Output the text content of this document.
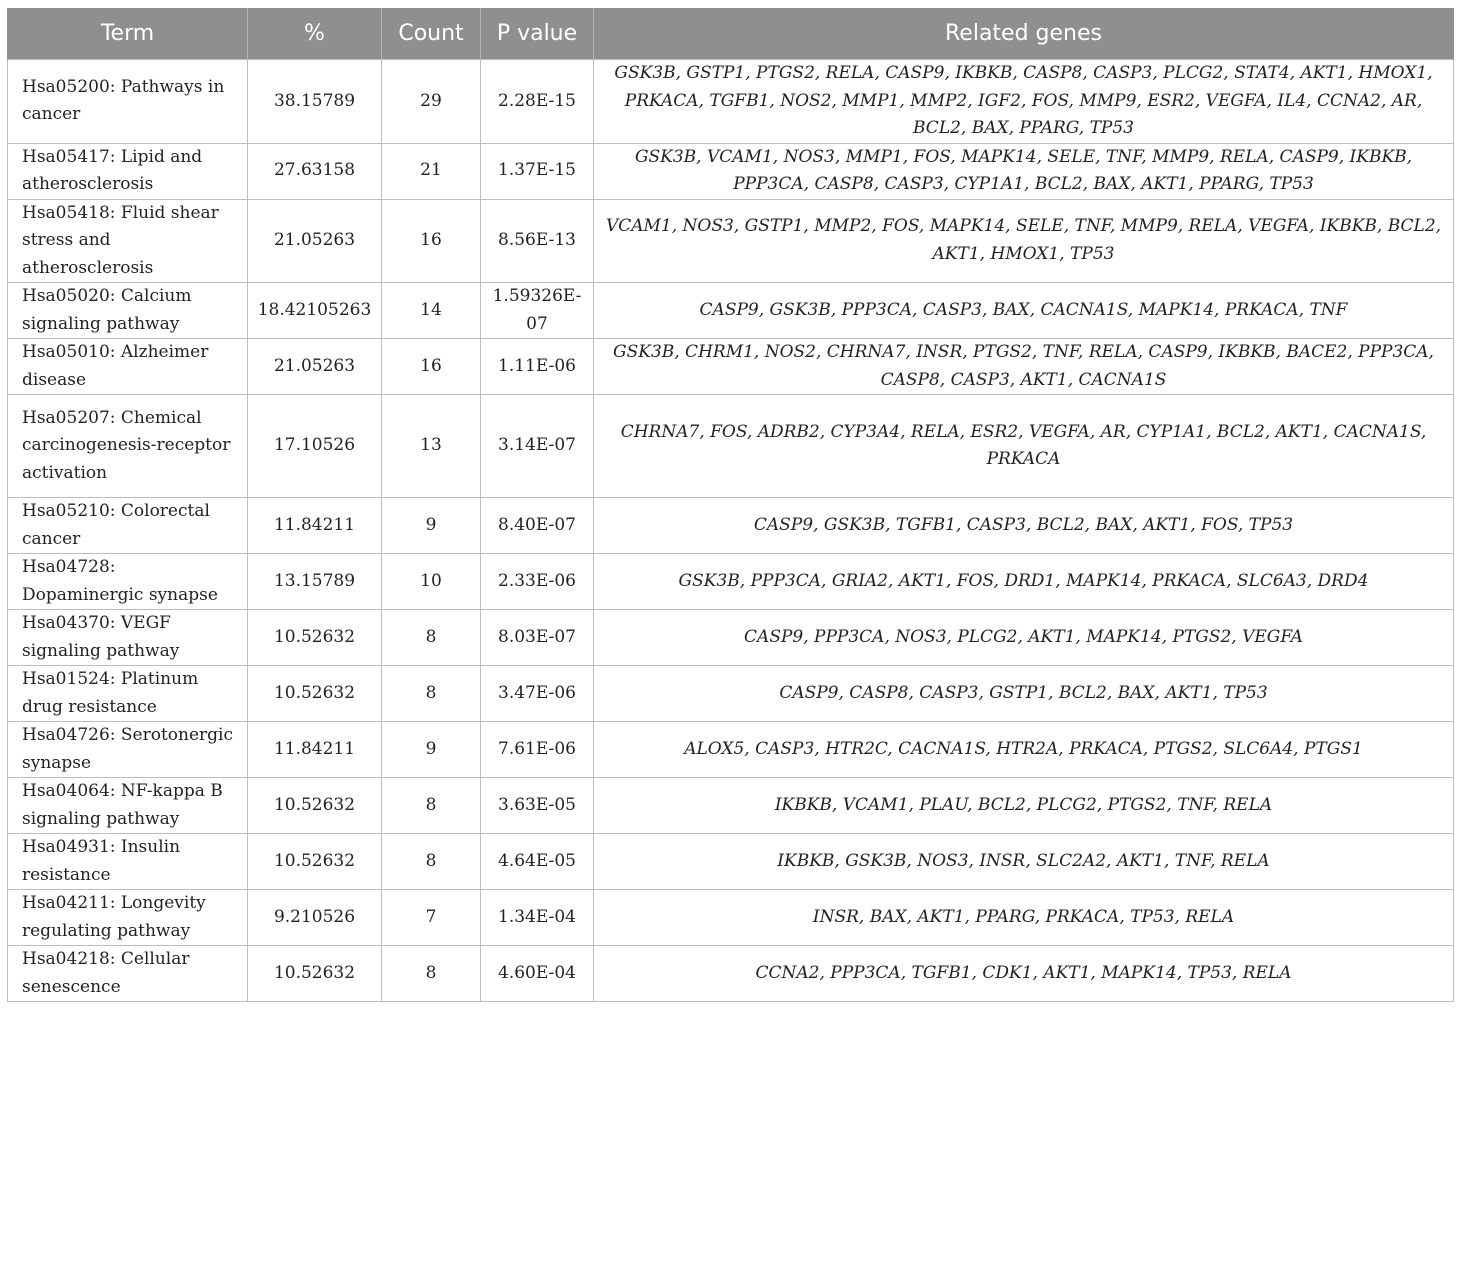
Term	%	Count	P value	Related genes
Hsa05200: Pathways in cancer	38.15789	29	2.28E-15	GSK3B, GSTP1, PTGS2, RELA, CASP9, IKBKB, CASP8, CASP3, PLCG2, STAT4, AKT1, HMOX1, PRKACA, TGFB1, NOS2, MMP1, MMP2, IGF2, FOS, MMP9, ESR2, VEGFA, IL4, CCNA2, AR, BCL2, BAX, PPARG, TP53
Hsa05417: Lipid and atherosclerosis	27.63158	21	1.37E-15	GSK3B, VCAM1, NOS3, MMP1, FOS, MAPK14, SELE, TNF, MMP9, RELA, CASP9, IKBKB, PPP3CA, CASP8, CASP3, CYP1A1, BCL2, BAX, AKT1, PPARG, TP53
Hsa05418: Fluid shear stress and atherosclerosis	21.05263	16	8.56E-13	VCAM1, NOS3, GSTP1, MMP2, FOS, MAPK14, SELE, TNF, MMP9, RELA, VEGFA, IKBKB, BCL2, AKT1, HMOX1, TP53
Hsa05020: Calcium signaling pathway	18.42105263	14	1.59326E-07	CASP9, GSK3B, PPP3CA, CASP3, BAX, CACNA1S, MAPK14, PRKACA, TNF
Hsa05010: Alzheimer disease	21.05263	16	1.11E-06	GSK3B, CHRM1, NOS2, CHRNA7, INSR, PTGS2, TNF, RELA, CASP9, IKBKB, BACE2, PPP3CA, CASP8, CASP3, AKT1, CACNA1S
Hsa05207: Chemical carcinogenesis-receptor activation	17.10526	13	3.14E-07	CHRNA7, FOS, ADRB2, CYP3A4, RELA, ESR2, VEGFA, AR, CYP1A1, BCL2, AKT1, CACNA1S, PRKACA
Hsa05210: Colorectal cancer	11.84211	9	8.40E-07	CASP9, GSK3B, TGFB1, CASP3, BCL2, BAX, AKT1, FOS, TP53
Hsa04728: Dopaminergic synapse	13.15789	10	2.33E-06	GSK3B, PPP3CA, GRIA2, AKT1, FOS, DRD1, MAPK14, PRKACA, SLC6A3, DRD4
Hsa04370: VEGF signaling pathway	10.52632	8	8.03E-07	CASP9, PPP3CA, NOS3, PLCG2, AKT1, MAPK14, PTGS2, VEGFA
Hsa01524: Platinum drug resistance	10.52632	8	3.47E-06	CASP9, CASP8, CASP3, GSTP1, BCL2, BAX, AKT1, TP53
Hsa04726: Serotonergic synapse	11.84211	9	7.61E-06	ALOX5, CASP3, HTR2C, CACNA1S, HTR2A, PRKACA, PTGS2, SLC6A4, PTGS1
Hsa04064: NF-kappa B signaling pathway	10.52632	8	3.63E-05	IKBKB, VCAM1, PLAU, BCL2, PLCG2, PTGS2, TNF, RELA
Hsa04931: Insulin resistance	10.52632	8	4.64E-05	IKBKB, GSK3B, NOS3, INSR, SLC2A2, AKT1, TNF, RELA
Hsa04211: Longevity regulating pathway	9.210526	7	1.34E-04	INSR, BAX, AKT1, PPARG, PRKACA, TP53, RELA
Hsa04218: Cellular senescence	10.52632	8	4.60E-04	CCNA2, PPP3CA, TGFB1, CDK1, AKT1, MAPK14, TP53, RELA
